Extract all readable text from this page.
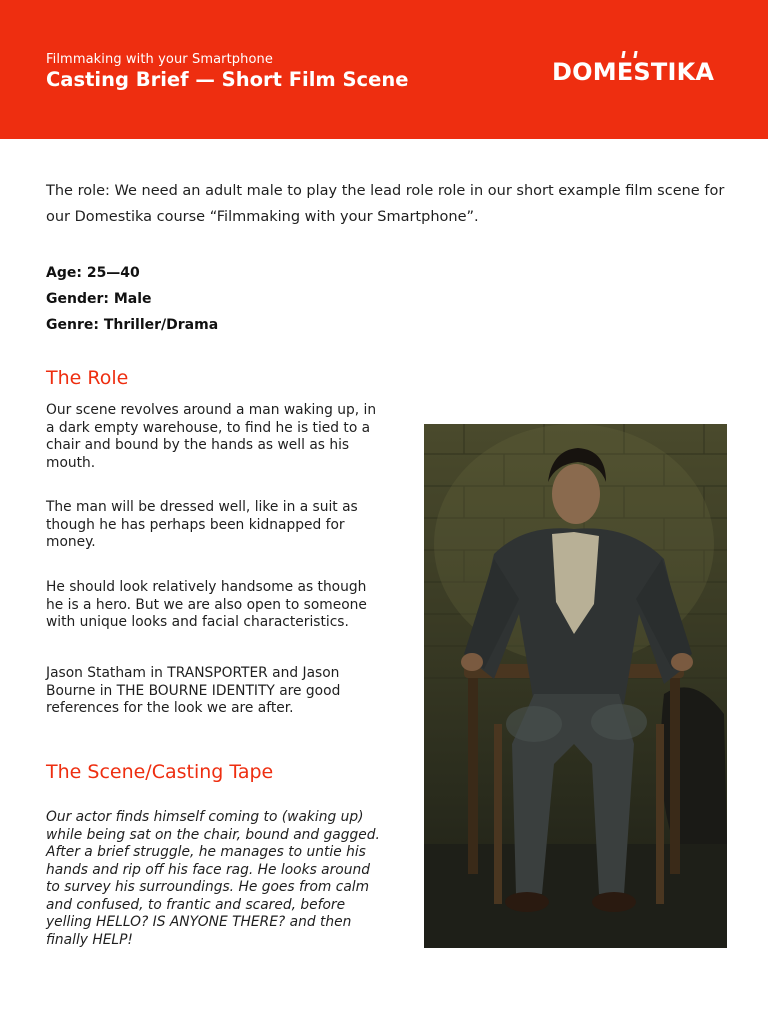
Filmmaking with your Smartphone
Casting Brief — Short Film Scene	DOMESTIKA
The role: We need an adult male to play the lead role role in our short example film scene for our Domestika course “Filmmaking with your Smartphone”.
Age: 25—40
Gender: Male
Genre: Thriller/Drama
The Role
Our scene revolves around a man waking up, in a dark empty warehouse, to find he is tied to a chair and bound by the hands as well as his mouth.
The man will be dressed well, like in a suit as though he has perhaps been kidnapped for money.
He should look relatively handsome as though he is a hero. But we are also open to someone with unique looks and facial characteristics.
Jason Statham in TRANSPORTER and Jason Bourne in THE BOURNE IDENTITY are good references for the look we are after.
The Scene/Casting Tape
Our actor finds himself coming to (waking up) while being sat on the chair, bound and gagged. After a brief struggle, he manages to untie his hands and rip off his face rag. He looks around to survey his surroundings. He goes from calm and confused, to frantic and scared, before yelling HELLO? IS ANYONE THERE? and then finally HELP!
